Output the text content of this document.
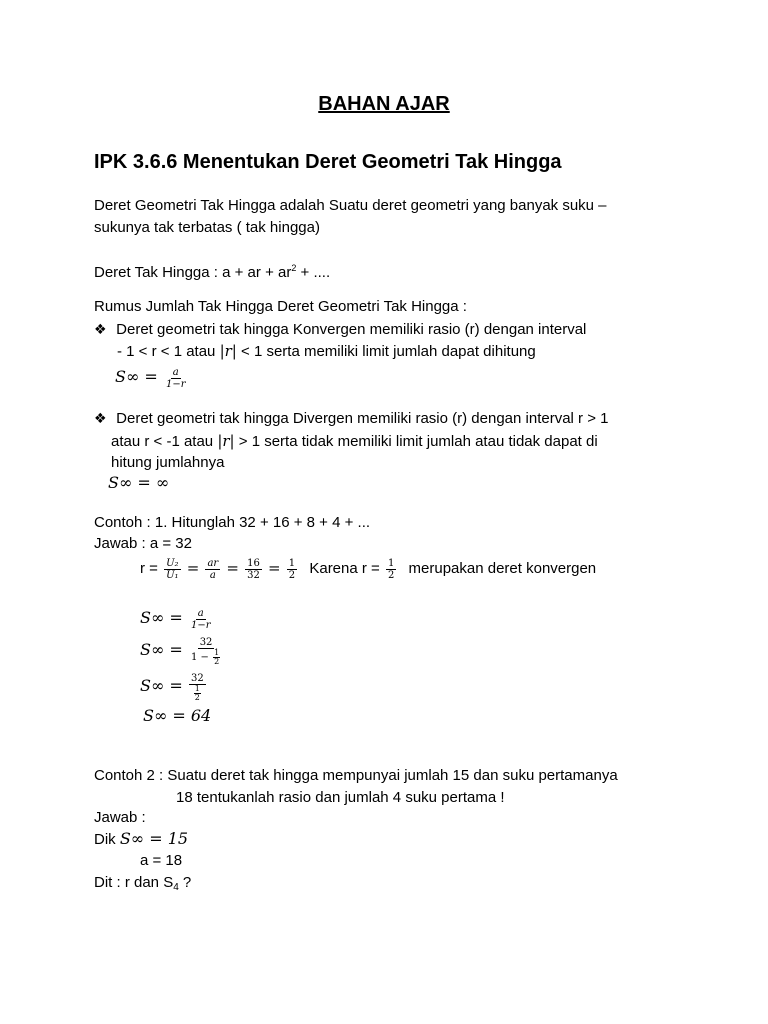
BAHAN AJAR
IPK 3.6.6 Menentukan Deret Geometri Tak Hingga
Deret Geometri Tak Hingga adalah Suatu deret geometri yang banyak suku –
sukunya tak terbatas ( tak hingga)
Deret Tak Hingga : a + ar + $ar^2$ + ....
Rumus Jumlah Tak Hingga Deret Geometri Tak Hingga :
❖ Deret geometri tak hingga Konvergen memiliki rasio (r) dengan interval
- 1 < r < 1 atau |r| < 1 serta memiliki limit jumlah dapat dihitung
$S\infty = \frac{a}{1-r}$
❖ Deret geometri tak hingga Divergen memiliki rasio (r) dengan interval r > 1
atau r < -1 atau |r| > 1 serta tidak memiliki limit jumlah atau tidak dapat di
hitung jumlahnya
S∞ = ∞
Contoh : 1. Hitunglah 32 + 16 + 8 + 4 + ...
Jawab : a = 32
$r = \frac{\text{U₂}}{\text{U₁}} = \frac{ar}{a} = \frac{16}{32} = \frac{1}{2}$ Karena $r = \frac{1}{2}$ merupakan deret konvergen
$S\infty = \frac{a}{1-r}$
$S\infty = \frac{32}{1 - \frac{1}{2}}$
$S\infty = \frac{32}{\frac{1}{2}}$
S∞ = 64
Contoh 2 : Suatu deret tak hingga mempunyai jumlah 15 dan suku pertamanya
18 tentukanlah rasio dan jumlah 4 suku pertama !
Jawab :
Dik S∞ = 15
a = 18
Dit : r dan $S_4$ ?
